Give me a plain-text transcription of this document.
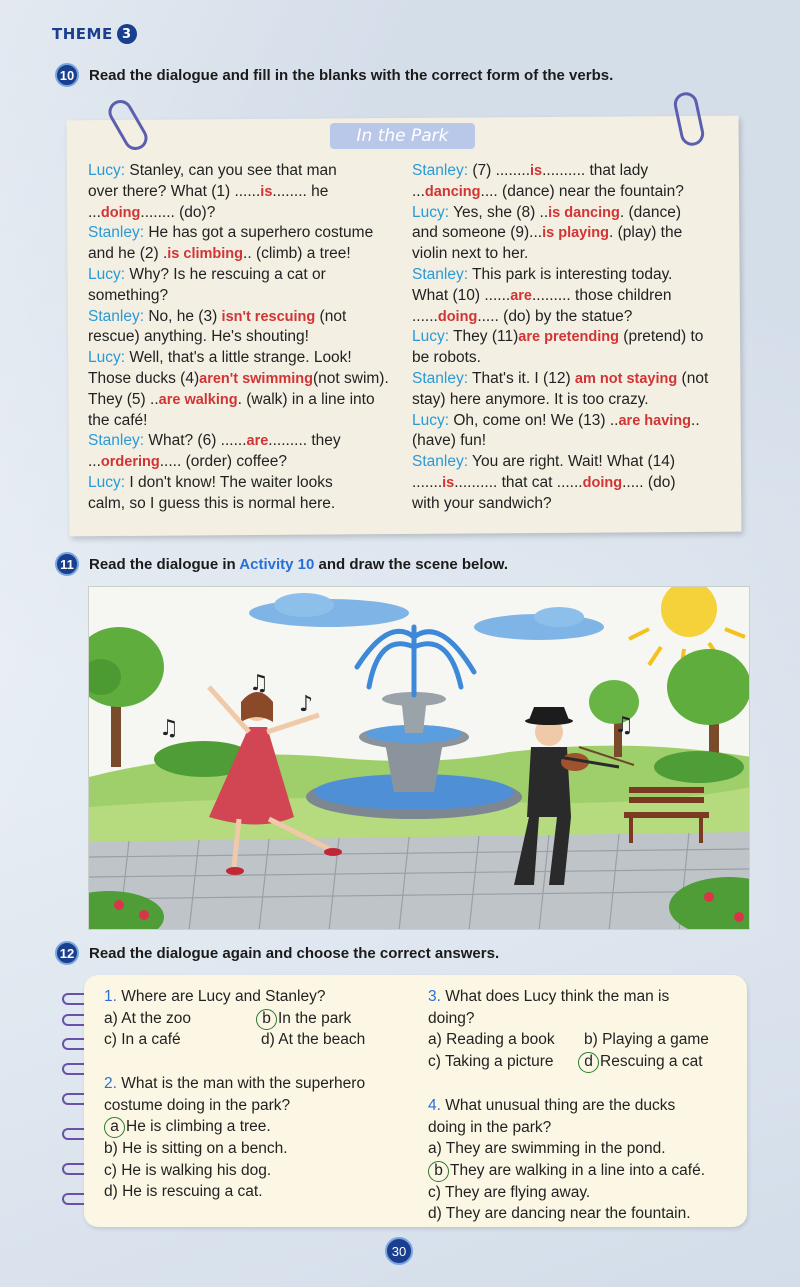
THEME 3
10 Read the dialogue and fill in the blanks with the correct form of the verbs.
In the Park
Lucy: Stanley, can you see that man
over there? What (1) ......is........ he
...doing........ (do)?
Stanley: He has got a superhero costume
and he (2) .is climbing.. (climb) a tree!
Lucy: Why? Is he rescuing a cat or
something?
Stanley: No, he (3) isn't rescuing (not
rescue) anything. He's shouting!
Lucy: Well, that's a little strange. Look!
Those ducks (4)aren't swimming(not swim).
They (5) ..are walking. (walk) in a line into
the café!
Stanley: What? (6) ......are......... they
...ordering..... (order) coffee?
Lucy: I don't know! The waiter looks
calm, so I guess this is normal here.
Stanley: (7) ........is.......... that lady
...dancing.... (dance) near the fountain?
Lucy: Yes, she (8) ..is dancing. (dance)
and someone (9)...is playing. (play) the
violin next to her.
Stanley: This park is interesting today.
What (10) ......are......... those children
......doing..... (do) by the statue?
Lucy: They (11)are pretending (pretend) to
be robots.
Stanley: That's it. I (12) am not staying (not
stay) here anymore. It is too crazy.
Lucy: Oh, come on! We (13) ..are having..
(have) fun!
Stanley: You are right. Wait! What (14)
.......is.......... that cat ......doing..... (do)
with your sandwich?
11	Read the dialogue in Activity 10 and draw the scene below.
♫
♪
♫	♫
12 Read the dialogue again and choose the correct answers.
1. Where are Lucy and Stanley?
a) At the zoo	b In the park
c) In a café	d) At the beach
2. What is the man with the superhero
costume doing in the park?
a He is climbing a tree.
b) He is sitting on a bench.
c) He is walking his dog.
d) He is rescuing a cat.
3. What does Lucy think the man is
doing?
a) Reading a book b) Playing a game
c) Taking a picture	d Rescuing a cat
4. What unusual thing are the ducks
doing in the park?
a) They are swimming in the pond.
b They are walking in a line into a café.
c) They are flying away.
d) They are dancing near the fountain.
30
